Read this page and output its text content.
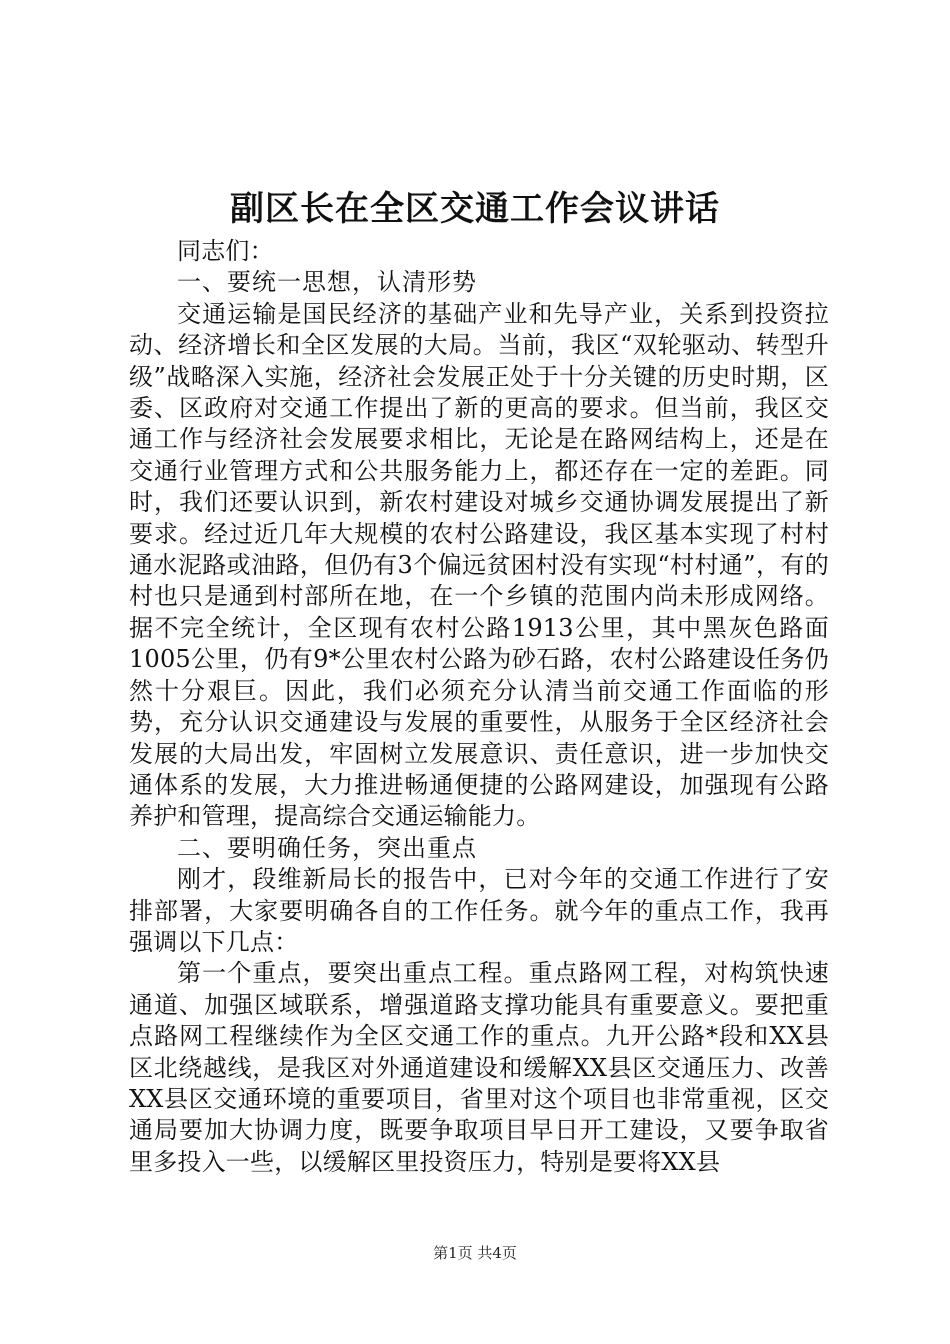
副区长在全区交通工作会议讲话

同志们：

一、要统一思想，认清形势

交通运输是国民经济的基础产业和先导产业，关系到投资拉动、经济增长和全区发展的大局。当前，我区“双轮驱动、转型升级”战略深入实施，经济社会发展正处于十分关键的历史时期，区委、区政府对交通工作提出了新的更高的要求。但当前，我区交通工作与经济社会发展要求相比，无论是在路网结构上，还是在交通行业管理方式和公共服务能力上，都还存在一定的差距。同时，我们还要认识到，新农村建设对城乡交通协调发展提出了新要求。经过近几年大规模的农村公路建设，我区基本实现了村村通水泥路或油路，但仍有3个偏远贫困村没有实现“村村通”，有的村也只是通到村部所在地，在一个乡镇的范围内尚未形成网络。据不完全统计，全区现有农村公路1913公里，其中黑灰色路面1005公里，仍有9*公里农村公路为砂石路，农村公路建设任务仍然十分艰巨。因此，我们必须充分认清当前交通工作面临的形势，充分认识交通建设与发展的重要性，从服务于全区经济社会发展的大局出发，牢固树立发展意识、责任意识，进一步加快交通体系的发展，大力推进畅通便捷的公路网建设，加强现有公路养护和管理，提高综合交通运输能力。

二、要明确任务，突出重点

刚才，段维新局长的报告中，已对今年的交通工作进行了安排部署，大家要明确各自的工作任务。就今年的重点工作，我再强调以下几点：

第一个重点，要突出重点工程。重点路网工程，对构筑快速通道、加强区域联系，增强道路支撑功能具有重要意义。要把重点路网工程继续作为全区交通工作的重点。九开公路*段和XX县区北绕越线，是我区对外通道建设和缓解XX县区交通压力、改善XX县区交通环境的重要项目，省里对这个项目也非常重视，区交通局要加大协调力度，既要争取项目早日开工建设，又要争取省里多投入一些，以缓解区里投资压力，特别是要将XX县

第1页 共4页
